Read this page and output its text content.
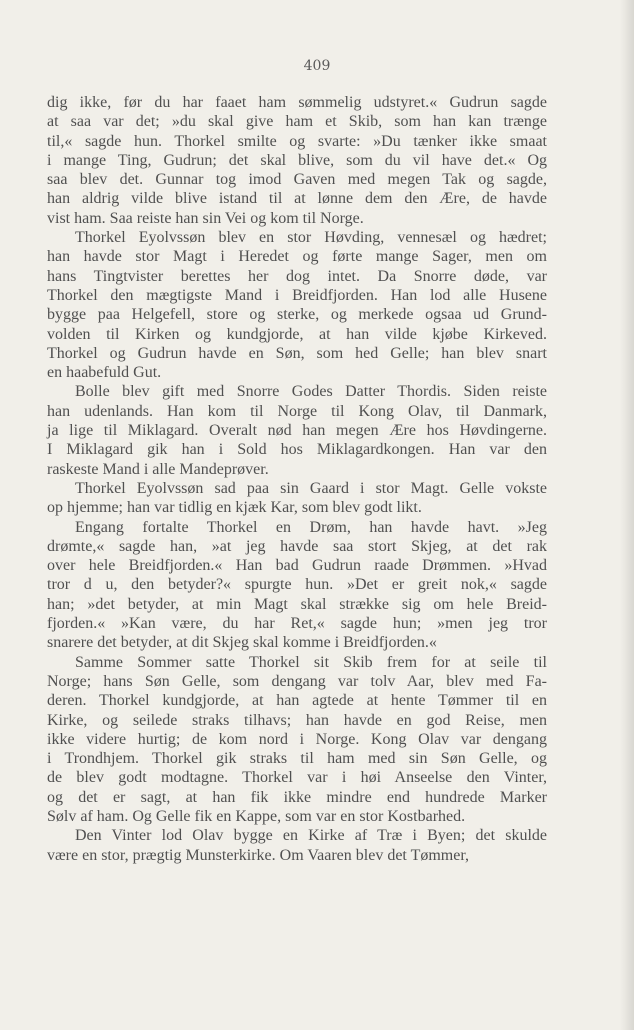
409

dig ikke, før du har faaet ham sømmelig udstyret.« Gudrun sagde
at saa var det; »du skal give ham et Skib, som han kan trænge
til,« sagde hun. Thorkel smilte og svarte: »Du tænker ikke smaat
i mange Ting, Gudrun; det skal blive, som du vil have det.« Og
saa blev det. Gunnar tog imod Gaven med megen Tak og sagde,
han aldrig vilde blive istand til at lønne dem den Ære, de havde
vist ham. Saa reiste han sin Vei og kom til Norge.

Thorkel Eyolvssøn blev en stor Høvding, vennesæl og hædret;
han havde stor Magt i Heredet og førte mange Sager, men om
hans Tingtvister berettes her dog intet. Da Snorre døde, var
Thorkel den mægtigste Mand i Breidfjorden. Han lod alle Husene
bygge paa Helgefell, store og sterke, og merkede ogsaa ud Grund-
volden til Kirken og kundgjorde, at han vilde kjøbe Kirkeved.
Thorkel og Gudrun havde en Søn, som hed Gelle; han blev snart
en haabefuld Gut.

Bolle blev gift med Snorre Godes Datter Thordis. Siden reiste
han udenlands. Han kom til Norge til Kong Olav, til Danmark,
ja lige til Miklagard. Overalt nød han megen Ære hos Høvdingerne.
I Miklagard gik han i Sold hos Miklagardkongen. Han var den
raskeste Mand i alle Mandeprøver.

Thorkel Eyolvssøn sad paa sin Gaard i stor Magt. Gelle vokste
op hjemme; han var tidlig en kjæk Kar, som blev godt likt.

Engang fortalte Thorkel en Drøm, han havde havt. »Jeg
drømte,« sagde han, »at jeg havde saa stort Skjeg, at det rak
over hele Breidfjorden.« Han bad Gudrun raade Drømmen. »Hvad
tror d u, den betyder?« spurgte hun. »Det er greit nok,« sagde
han; »det betyder, at min Magt skal strække sig om hele Breid-
fjorden.« »Kan være, du har Ret,« sagde hun; »men jeg tror
snarere det betyder, at dit Skjeg skal komme i Breidfjorden.«

Samme Sommer satte Thorkel sit Skib frem for at seile til
Norge; hans Søn Gelle, som dengang var tolv Aar, blev med Fa-
deren. Thorkel kundgjorde, at han agtede at hente Tømmer til en
Kirke, og seilede straks tilhavs; han havde en god Reise, men
ikke videre hurtig; de kom nord i Norge. Kong Olav var dengang
i Trondhjem. Thorkel gik straks til ham med sin Søn Gelle, og
de blev godt modtagne. Thorkel var i høi Anseelse den Vinter,
og det er sagt, at han fik ikke mindre end hundrede Marker
Sølv af ham. Og Gelle fik en Kappe, som var en stor Kostbarhed.

Den Vinter lod Olav bygge en Kirke af Træ i Byen; det skulde
være en stor, prægtig Munsterkirke. Om Vaaren blev det Tømmer,
